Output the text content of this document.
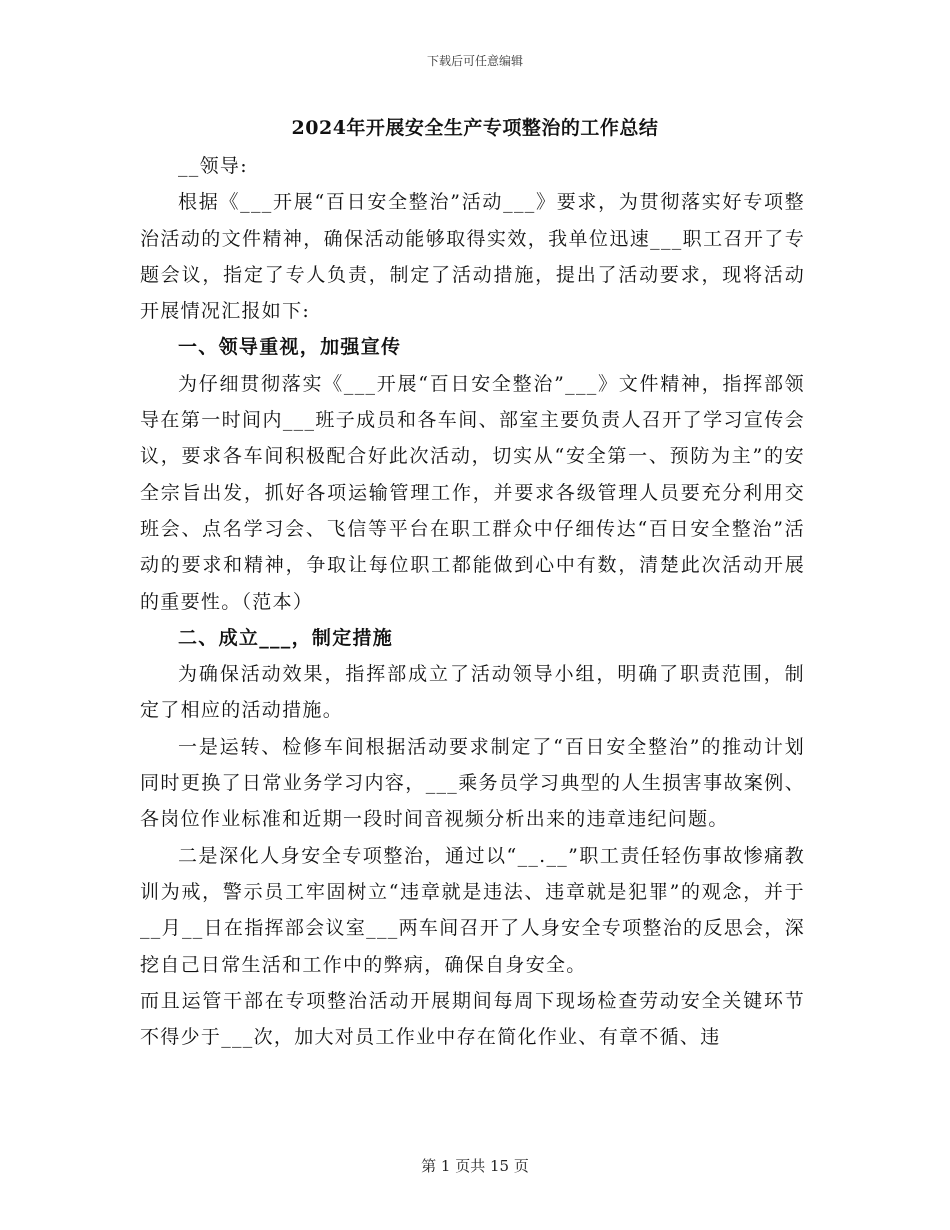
下载后可任意编辑
2024年开展安全生产专项整治的工作总结

__领导:

根据《___开展“百日安全整治”活动___》要求，为贯彻落实好专项整治活动的文件精神，确保活动能够取得实效，我单位迅速___职工召开了专题会议，指定了专人负责，制定了活动措施，提出了活动要求，现将活动开展情况汇报如下:

一、领导重视，加强宣传

为仔细贯彻落实《___开展“百日安全整治”___》文件精神，指挥部领导在第一时间内___班子成员和各车间、部室主要负责人召开了学习宣传会议，要求各车间积极配合好此次活动，切实从“安全第一、预防为主”的安全宗旨出发，抓好各项运输管理工作，并要求各级管理人员要充分利用交班会、点名学习会、飞信等平台在职工群众中仔细传达“百日安全整治”活动的要求和精神，争取让每位职工都能做到心中有数，清楚此次活动开展的重要性。（范本）

二、成立___，制定措施

为确保活动效果，指挥部成立了活动领导小组，明确了职责范围，制定了相应的活动措施。

一是运转、检修车间根据活动要求制定了“百日安全整治”的推动计划同时更换了日常业务学习内容，___乘务员学习典型的人生损害事故案例、各岗位作业标准和近期一段时间音视频分析出来的违章违纪问题。

二是深化人身安全专项整治，通过以“__.__”职工责任轻伤事故惨痛教训为戒，警示员工牢固树立“违章就是违法、违章就是犯罪”的观念，并于__月__日在指挥部会议室___两车间召开了人身安全专项整治的反思会，深挖自己日常生活和工作中的弊病，确保自身安全。

而且运管干部在专项整治活动开展期间每周下现场检查劳动安全关键环节不得少于___次，加大对员工作业中存在简化作业、有章不循、违

第 1 页共 15 页
